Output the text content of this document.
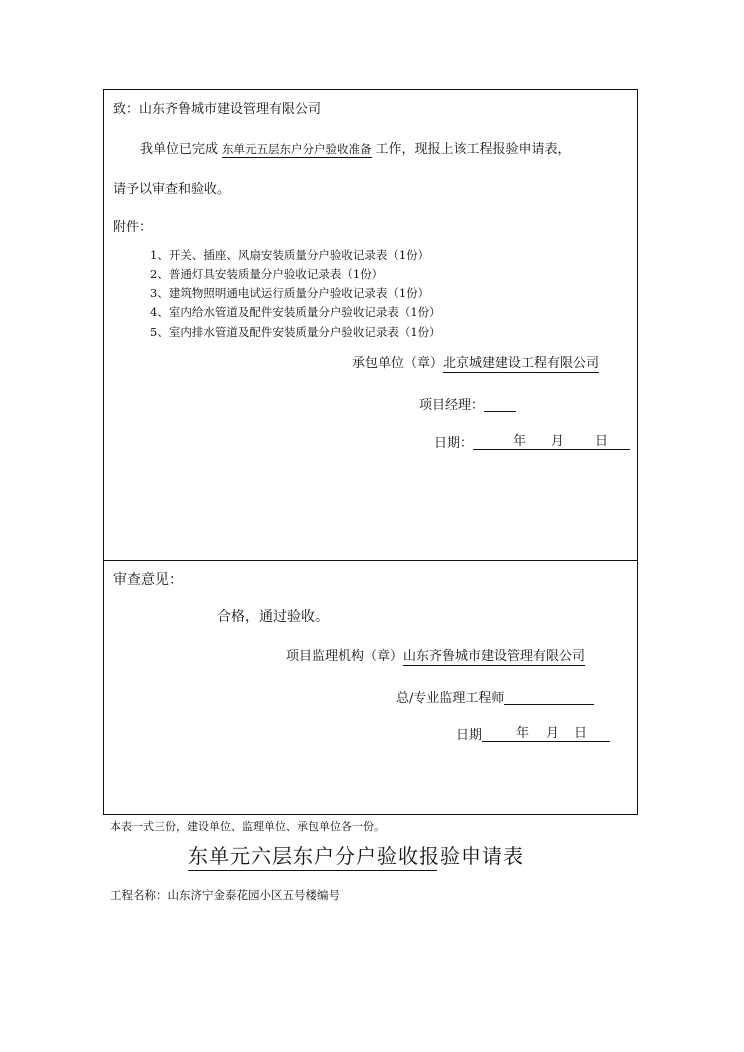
致：山东齐鲁城市建设管理有限公司
我单位已完成 东单元五层东户分户验收准备 工作，现报上该工程报验申请表，
请予以审查和验收。
附件：
1、开关、插座、风扇安装质量分户验收记录表（1份）
2、普通灯具安装质量分户验收记录表（1份）
3、建筑物照明通电试运行质量分户验收记录表（1份）
4、室内给水管道及配件安装质量分户验收记录表（1份）
5、室内排水管道及配件安装质量分户验收记录表（1份）
承包单位（章）北京城建建设工程有限公司
项目经理：
日期：	年 月 日
审查意见：
合格，通过验收。
项目监理机构（章）山东齐鲁城市建设管理有限公司
总/专业监理工程师
日期	年 月 日
本表一式三份，建设单位、监理单位、承包单位各一份。
东单元六层东户分户验收报验申请表
工程名称：山东济宁金泰花园小区五号楼编号
